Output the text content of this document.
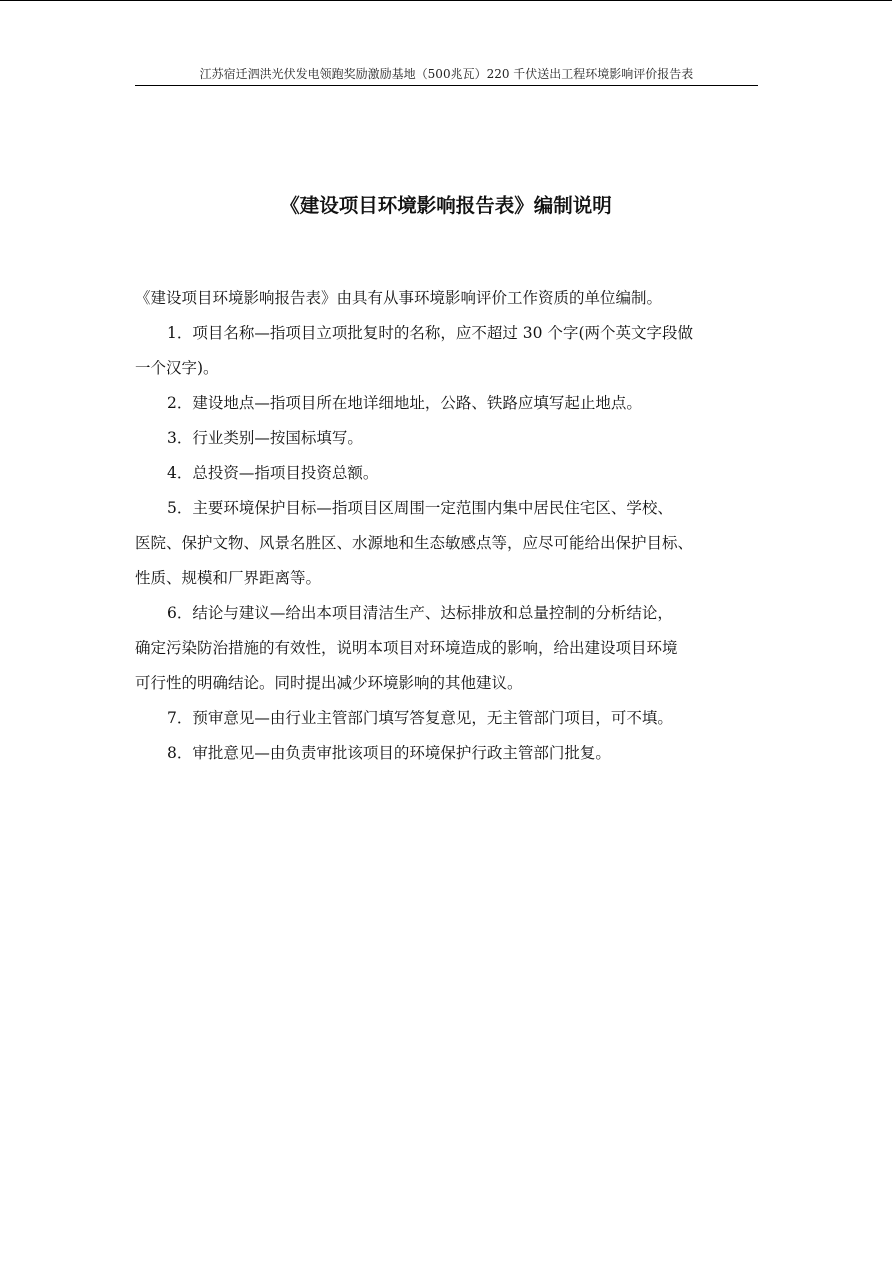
江苏宿迁泗洪光伏发电领跑奖励激励基地（500兆瓦）220 千伏送出工程环境影响评价报告表
《建设项目环境影响报告表》编制说明

《建设项目环境影响报告表》由具有从事环境影响评价工作资质的单位编制。

1．项目名称—指项目立项批复时的名称，应不超过 30 个字(两个英文字段做

一个汉字)。

2．建设地点—指项目所在地详细地址，公路、铁路应填写起止地点。

3．行业类别—按国标填写。

4．总投资—指项目投资总额。

5．主要环境保护目标—指项目区周围一定范围内集中居民住宅区、学校、

医院、保护文物、风景名胜区、水源地和生态敏感点等，应尽可能给出保护目标、

性质、规模和厂界距离等。

6．结论与建议—给出本项目清洁生产、达标排放和总量控制的分析结论，

确定污染防治措施的有效性，说明本项目对环境造成的影响，给出建设项目环境

可行性的明确结论。同时提出减少环境影响的其他建议。

7．预审意见—由行业主管部门填写答复意见，无主管部门项目，可不填。

8．审批意见—由负责审批该项目的环境保护行政主管部门批复。
